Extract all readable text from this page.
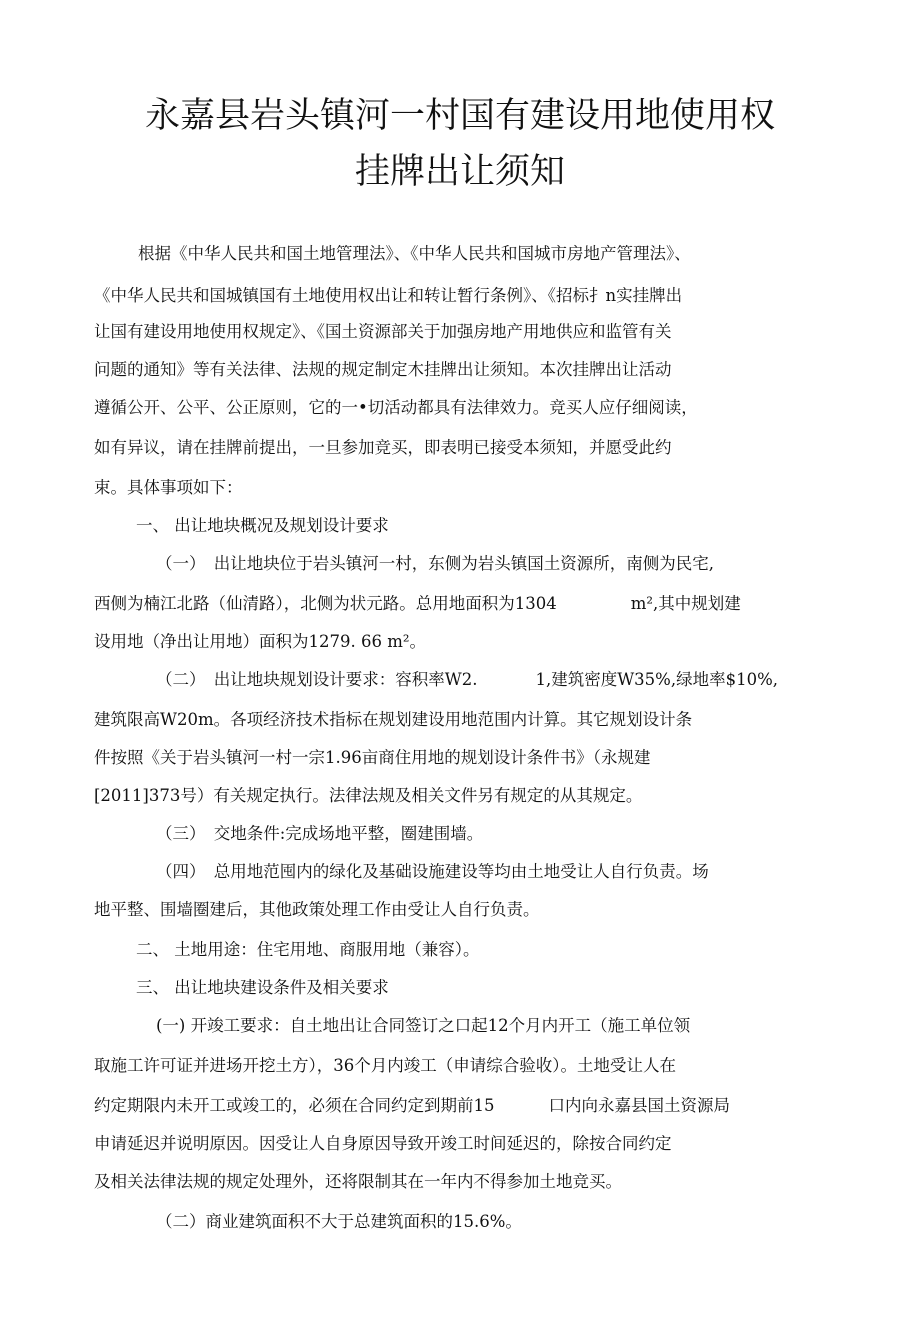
永嘉县岩头镇河一村国有建设用地使用权
挂牌出让须知

根据《中华人民共和国土地管理法》、《中华人民共和国城市房地产管理法》、

《中华人民共和国城镇国有土地使用权出让和转让暂行条例》、《招标扌n实挂牌出

让国有建设用地使用权规定》、《国土资源部关于加强房地产用地供应和监管有关

问题的通知》等有关法律、法规的规定制定木挂牌出让须知。本次挂牌出让活动

遵循公开、公平、公正原则，它的一•切活动都具有法律效力。竞买人应仔细阅读，

如有异议，请在挂牌前提出，一旦参加竞买，即表明已接受本须知，并愿受此约

束。具体事项如下：

一、 出让地块概况及规划设计要求

（一）　出让地块位于岩头镇河一村，东侧为岩头镇国土资源所，南侧为民宅,

西侧为楠江北路（仙清路），北侧为状元路。总用地面积为1304	m²,其中规划建

设用地（净出让用地）面积为1279. 66 m²。

（二）　出让地块规划设计要求：容积率W2.	1,建筑密度W35%,绿地率$10%,

建筑限高W20m。各项经济技术指标在规划建设用地范围内计算。其它规划设计条

件按照《关于岩头镇河一村一宗1.96亩商住用地的规划设计条件书》（永规建

[2011]373号）有关规定执行。法律法规及相关文件另有规定的从其规定。

（三）　交地条件:完成场地平整，圈建围墙。

（四）　总用地范囤内的绿化及基础设施建设等均由土地受让人自行负责。场

地平整、围墙圈建后，其他政策处理工作由受让人自行负责。

二、 土地用途：住宅用地、商服用地（兼容）。

三、 出让地块建设条件及相关要求

(一) 开竣工要求：自土地出让合同签订之口起12个月内开工（施工单位领

取施工许可证并进场开挖土方），36个月内竣工（申请综合验收）。土地受让人在

约定期限内未开工或竣工的，必须在合同约定到期前15	口内向永嘉县国土资源局

申请延迟并说明原因。因受让人自身原因导致开竣工时间延迟的，除按合同约定

及相关法律法规的规定处理外，还将限制其在一年内不得参加土地竞买。

（二）商业建筑面积不大于总建筑面积的15.6%。
